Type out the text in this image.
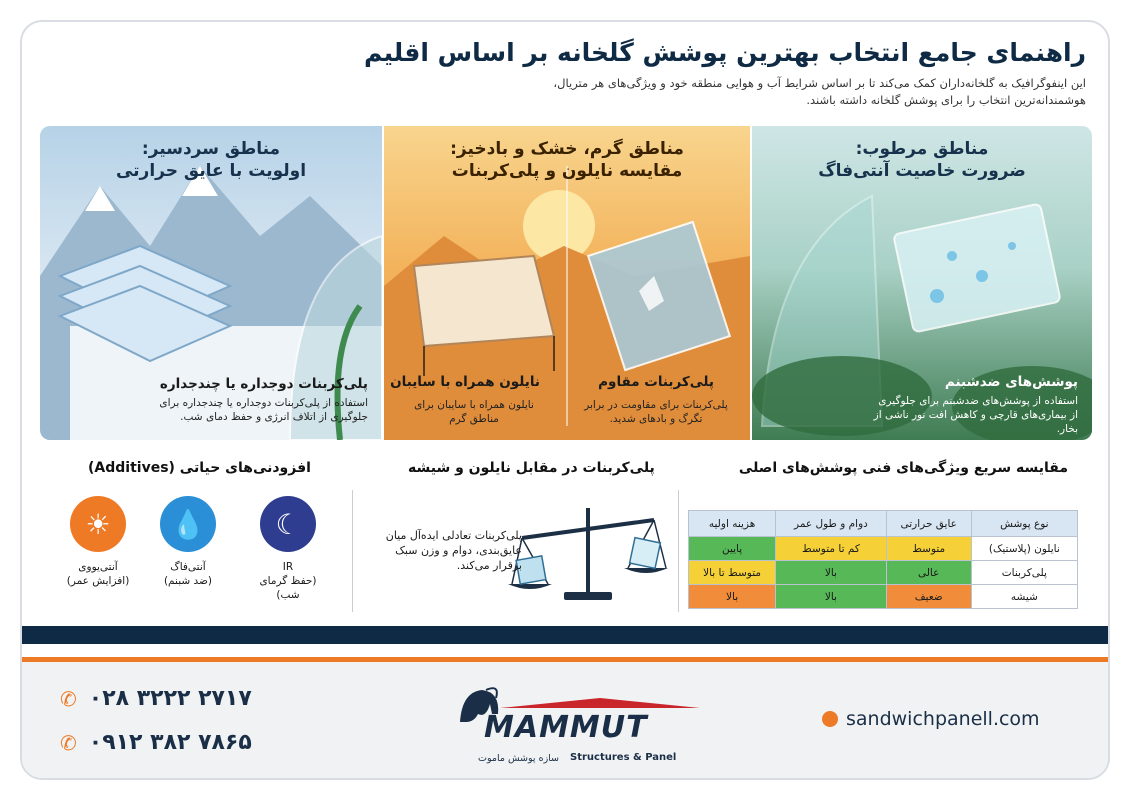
راهنمای جامع انتخاب بهترین پوشش گلخانه بر اساس اقلیم
این اینفوگرافیک به گلخانه‌داران کمک می‌کند تا بر اساس شرایط آب و هوایی منطقه خود و ویژگی‌های هر متریال،
هوشمندانه‌ترین انتخاب را برای پوشش گلخانه داشته باشند.
مناطق مرطوب:
ضرورت خاصیت آنتی‌فاگ
پوشش‌های ضدشبنم
استفاده از پوشش‌های ضدشبنم برای جلوگیری از بیماری‌های قارچی و کاهش افت نور ناشی از بخار.
مناطق گرم، خشک و بادخیز:
مقایسه نایلون و پلی‌کربنات
پلی‌کربنات مقاوم
پلی‌کربنات برای مقاومت در برابر تگرگ و بادهای شدید.
نایلون همراه با سایبان
نایلون همراه با سایبان برای مناطق گرم
مناطق سردسیر:
اولویت با عایق حرارتی
پلی‌کربنات دوجداره یا چندجداره
استفاده از پلی‌کربنات دوجداره یا چندجداره برای جلوگیری از اتلاف انرژی و حفظ دمای شب.
مقایسه سریع ویژگی‌های فنی پوشش‌های اصلی
پلی‌کربنات در مقابل نایلون و شیشه
افزودنی‌های حیاتی (Additives)
نوع پوشش	عایق حرارتی	دوام و طول عمر	هزینه اولیه
نایلون (پلاستیک)	متوسط	کم تا متوسط	پایین
پلی‌کربنات	عالی	بالا	متوسط تا بالا
شیشه	ضعیف	بالا	بالا
پلی‌کربنات تعادلی ایده‌آل میان عایق‌بندی، دوام و وزن سبک برقرار می‌کند.
☾
IR
(حفظ گرمای شب)
💧
آنتی‌فاگ
(ضد شبنم)
☀
آنتی‌یووی
(افزایش عمر)
✆ ۰۲۸ ۳۲۲۲ ۲۷۱۷
✆ ۰۹۱۲ ۳۸۲ ۷۸۶۵	MAMMUT
Structures & Panel
سازه پوشش ماموت
sandwichpanell.com
